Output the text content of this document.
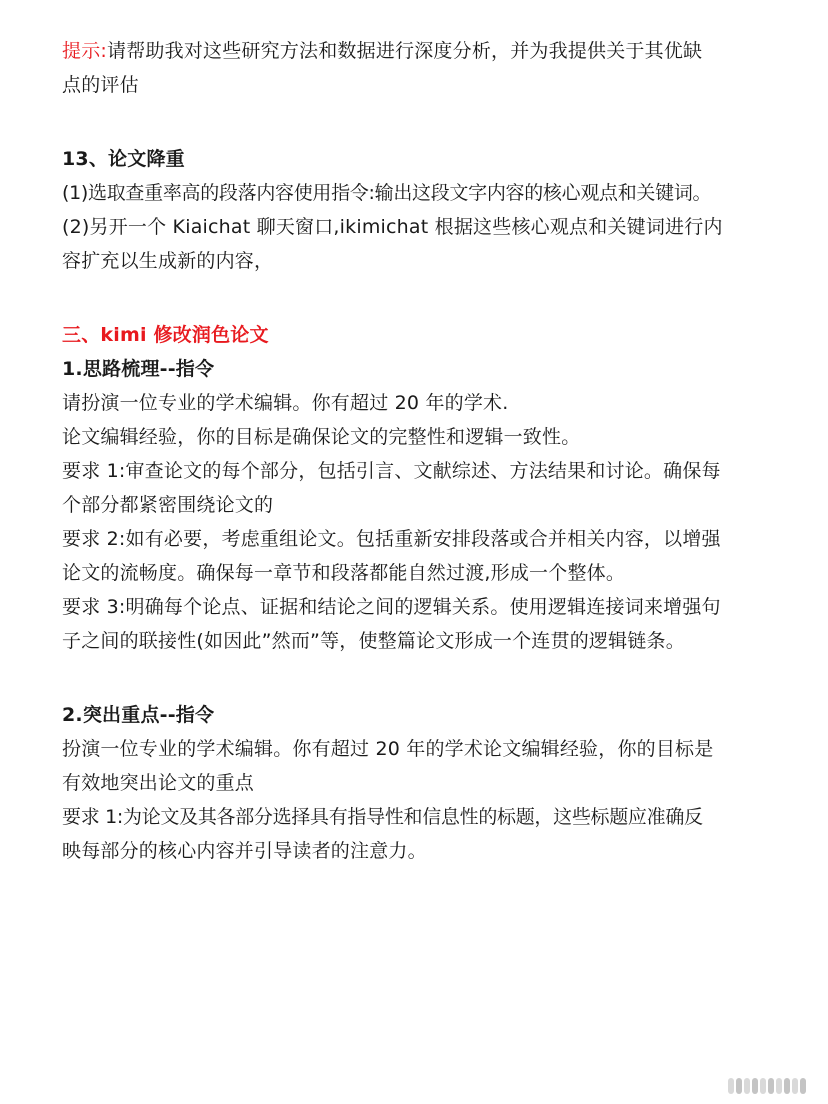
提示:请帮助我对这些研究方法和数据进行深度分析，并为我提供关于其优缺
点的评估
13、论文降重
(1)选取查重率高的段落内容使用指令:输出这段文字内容的核心观点和关键词。
(2)另开一个 Kiaichat 聊天窗口,ikimichat 根据这些核心观点和关键词进行内
容扩充以生成新的内容，
三、kimi 修改润色论文
1.思路梳理--指令
请扮演一位专业的学术编辑。你有超过 20 年的学术.
论文编辑经验，你的目标是确保论文的完整性和逻辑一致性。
要求 1:审查论文的每个部分，包括引言、文献综述、方法结果和讨论。确保每
个部分都紧密围绕论文的
要求 2:如有必要，考虑重组论文。包括重新安排段落或合并相关内容，以增强
论文的流畅度。确保每一章节和段落都能自然过渡,形成一个整体。
要求 3:明确每个论点、证据和结论之间的逻辑关系。使用逻辑连接词来增强句
子之间的联接性(如因此”然而”等，使整篇论文形成一个连贯的逻辑链条。
2.突出重点--指令
扮演一位专业的学术编辑。你有超过 20 年的学术论文编辑经验，你的目标是
有效地突出论文的重点
要求 1:为论文及其各部分选择具有指导性和信息性的标题，这些标题应准确反
映每部分的核心内容并引导读者的注意力。
